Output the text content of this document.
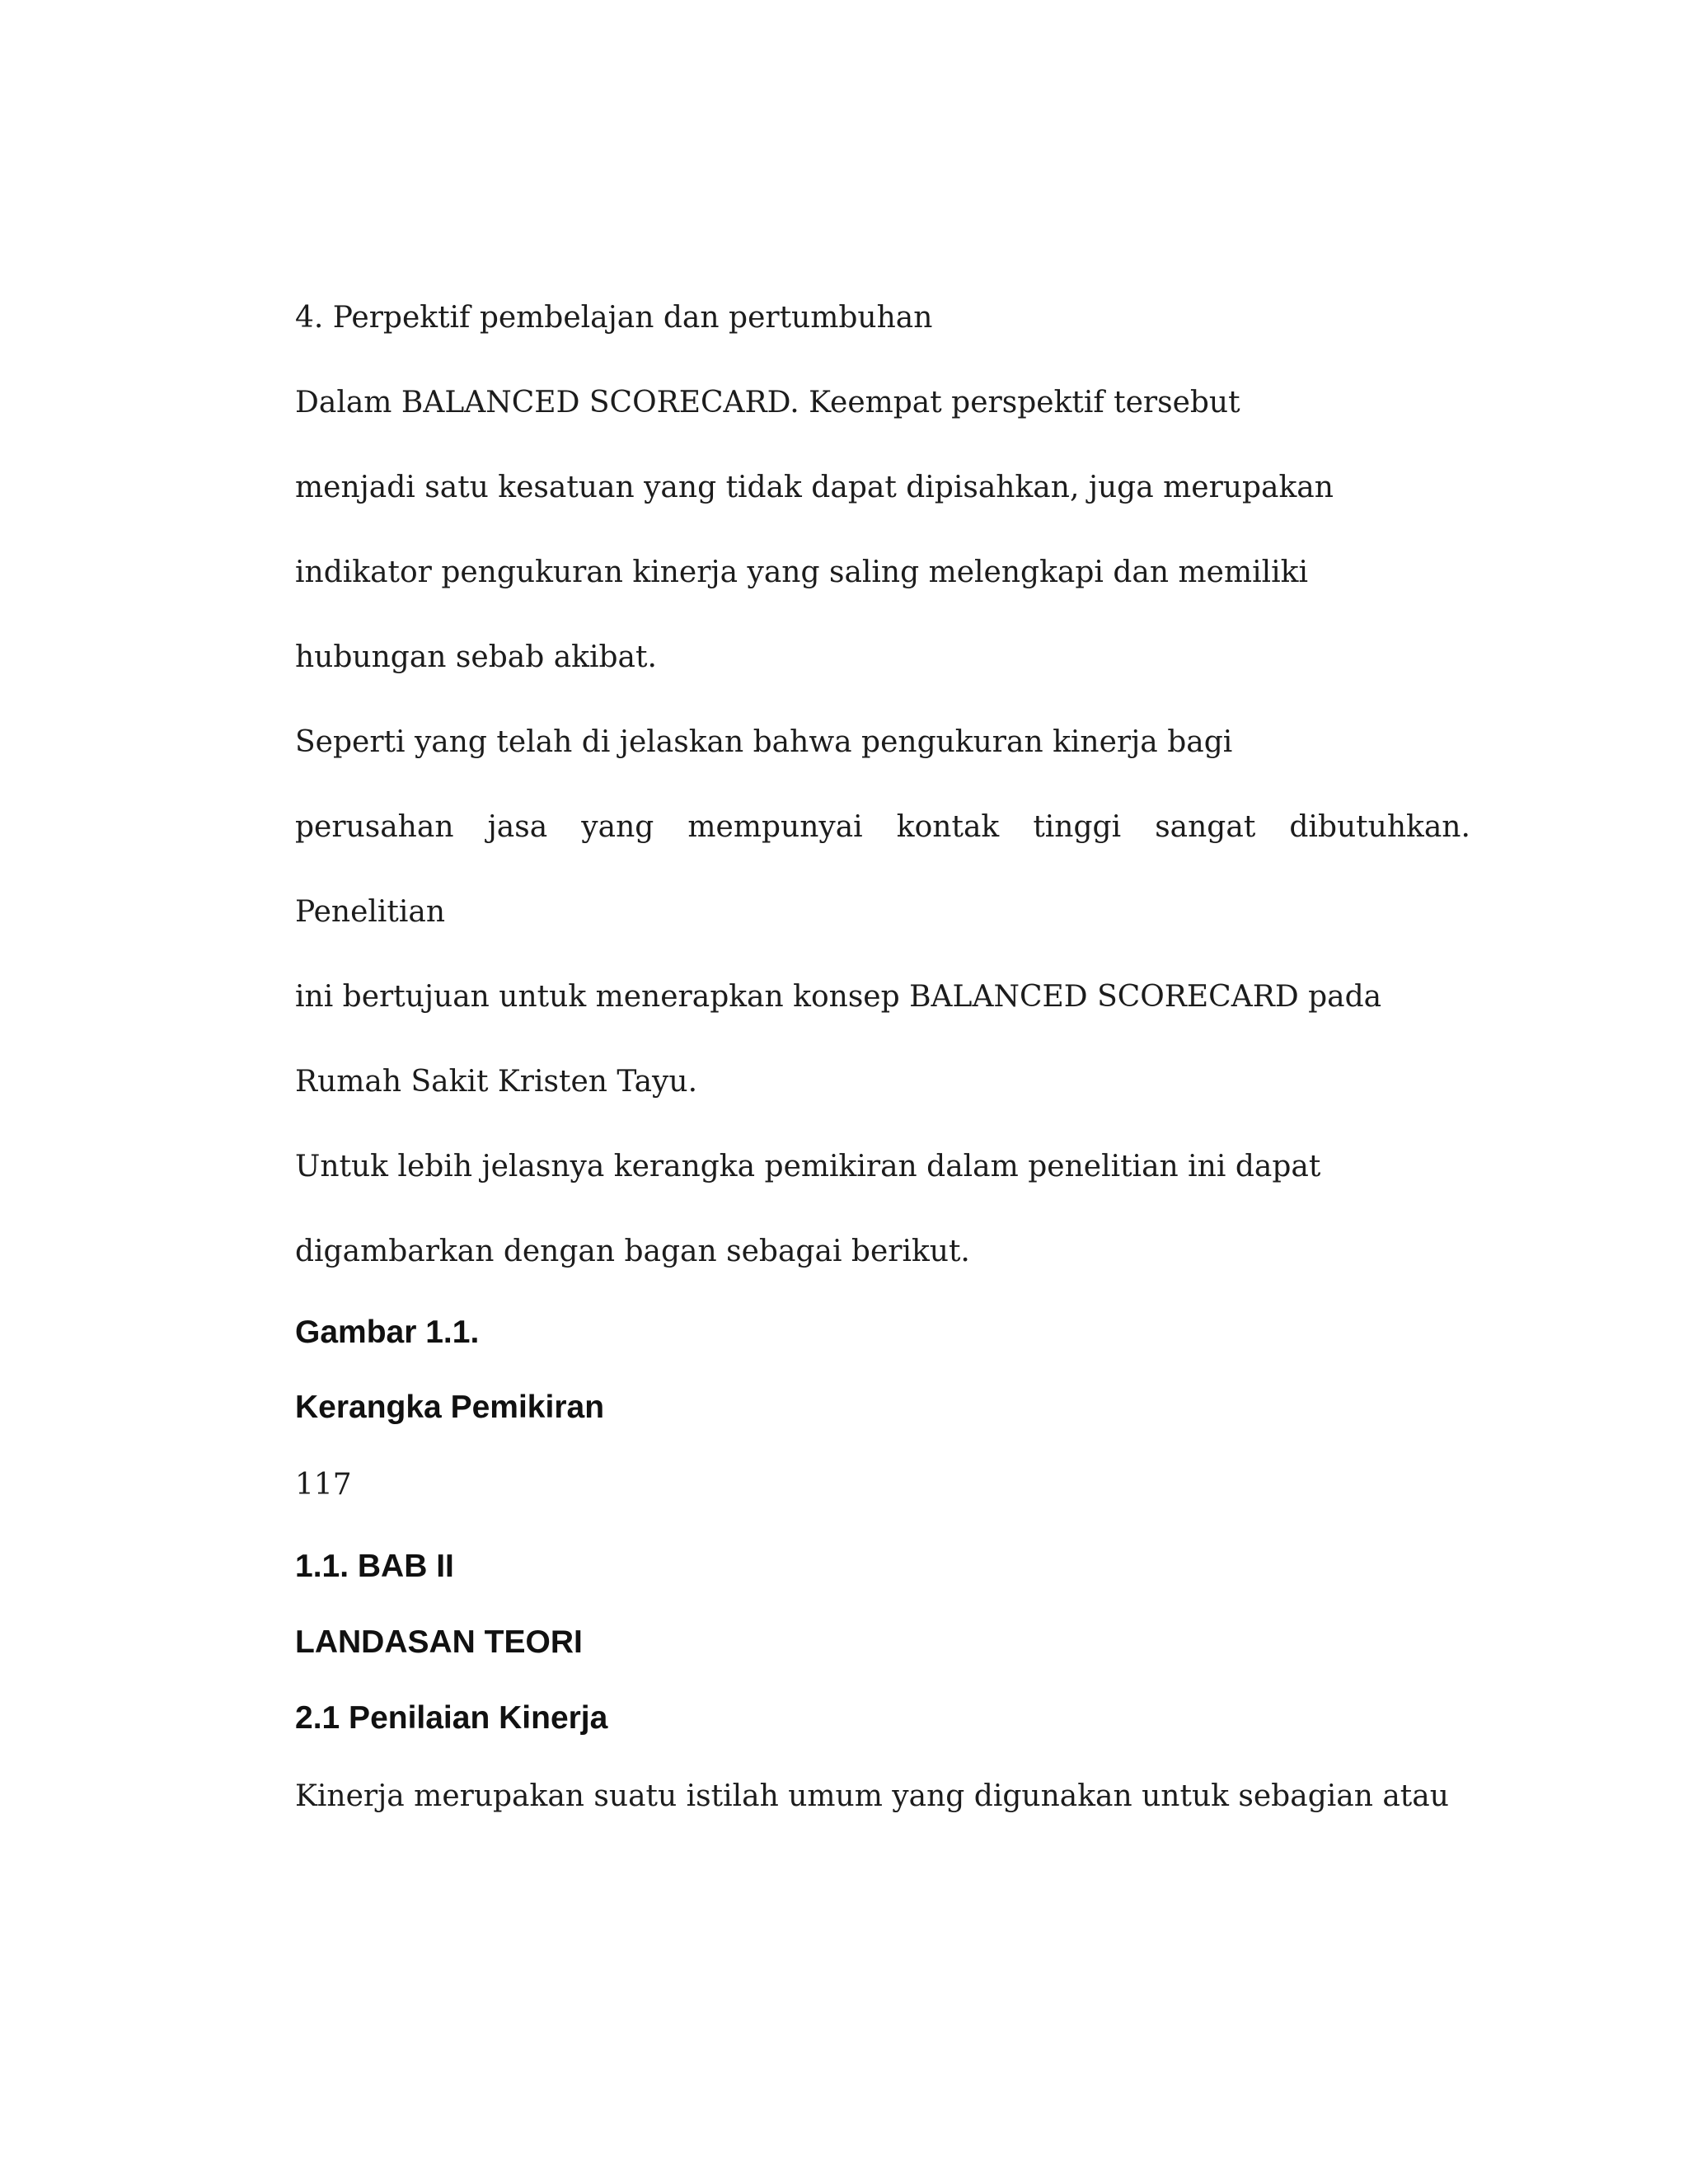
4. Perpektif pembelajan dan pertumbuhan

Dalam BALANCED SCORECARD. Keempat perspektif tersebut

menjadi satu kesatuan yang tidak dapat dipisahkan, juga merupakan

indikator pengukuran kinerja yang saling melengkapi dan memiliki

hubungan sebab akibat.

Seperti yang telah di jelaskan bahwa pengukuran kinerja bagi

perusahan jasa yang mempunyai kontak tinggi sangat dibutuhkan.

Penelitian

ini bertujuan untuk menerapkan konsep BALANCED SCORECARD pada

Rumah Sakit Kristen Tayu.

Untuk lebih jelasnya kerangka pemikiran dalam penelitian ini dapat

digambarkan dengan bagan sebagai berikut.

Gambar 1.1.

Kerangka Pemikiran

117

1.1. BAB II

LANDASAN TEORI

2.1 Penilaian Kinerja

Kinerja merupakan suatu istilah umum yang digunakan untuk sebagian atau
